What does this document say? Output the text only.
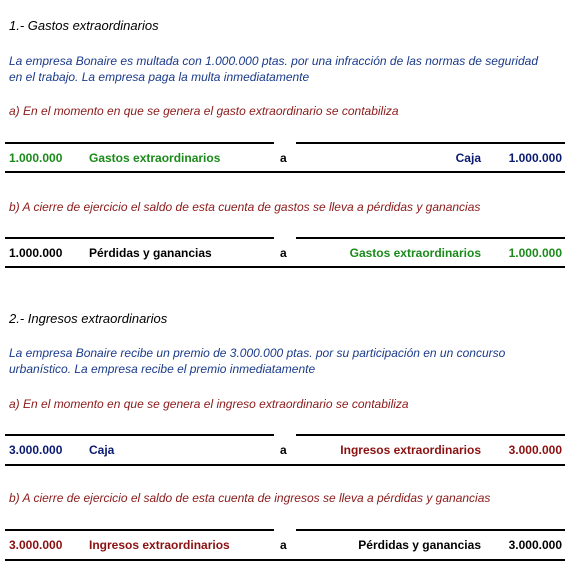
1.- Gastos extraordinarios
La empresa Bonaire es multada con 1.000.000 ptas. por una infracción de las normas de seguridad en el trabajo. La empresa paga la multa inmediatamente
a) En el momento en que se genera el gasto extraordinario se contabiliza
1.000.000 Gastos extraordinarios	a	Caja 1.000.000
b) A cierre de ejercicio el saldo de esta cuenta de gastos se lleva a pérdidas y ganancias
1.000.000 Pérdidas y ganancias	a	Gastos extraordinarios 1.000.000
2.- Ingresos extraordinarios
La empresa Bonaire recibe un premio de 3.000.000 ptas. por su participación en un concurso urbanístico. La empresa recibe el premio inmediatamente
a) En el momento en que se genera el ingreso extraordinario se contabiliza
3.000.000 Caja	a	Ingresos extraordinarios 3.000.000
b) A cierre de ejercicio el saldo de esta cuenta de ingresos se lleva a pérdidas y ganancias
3.000.000 Ingresos extraordinarios	a	Pérdidas y ganancias 3.000.000
